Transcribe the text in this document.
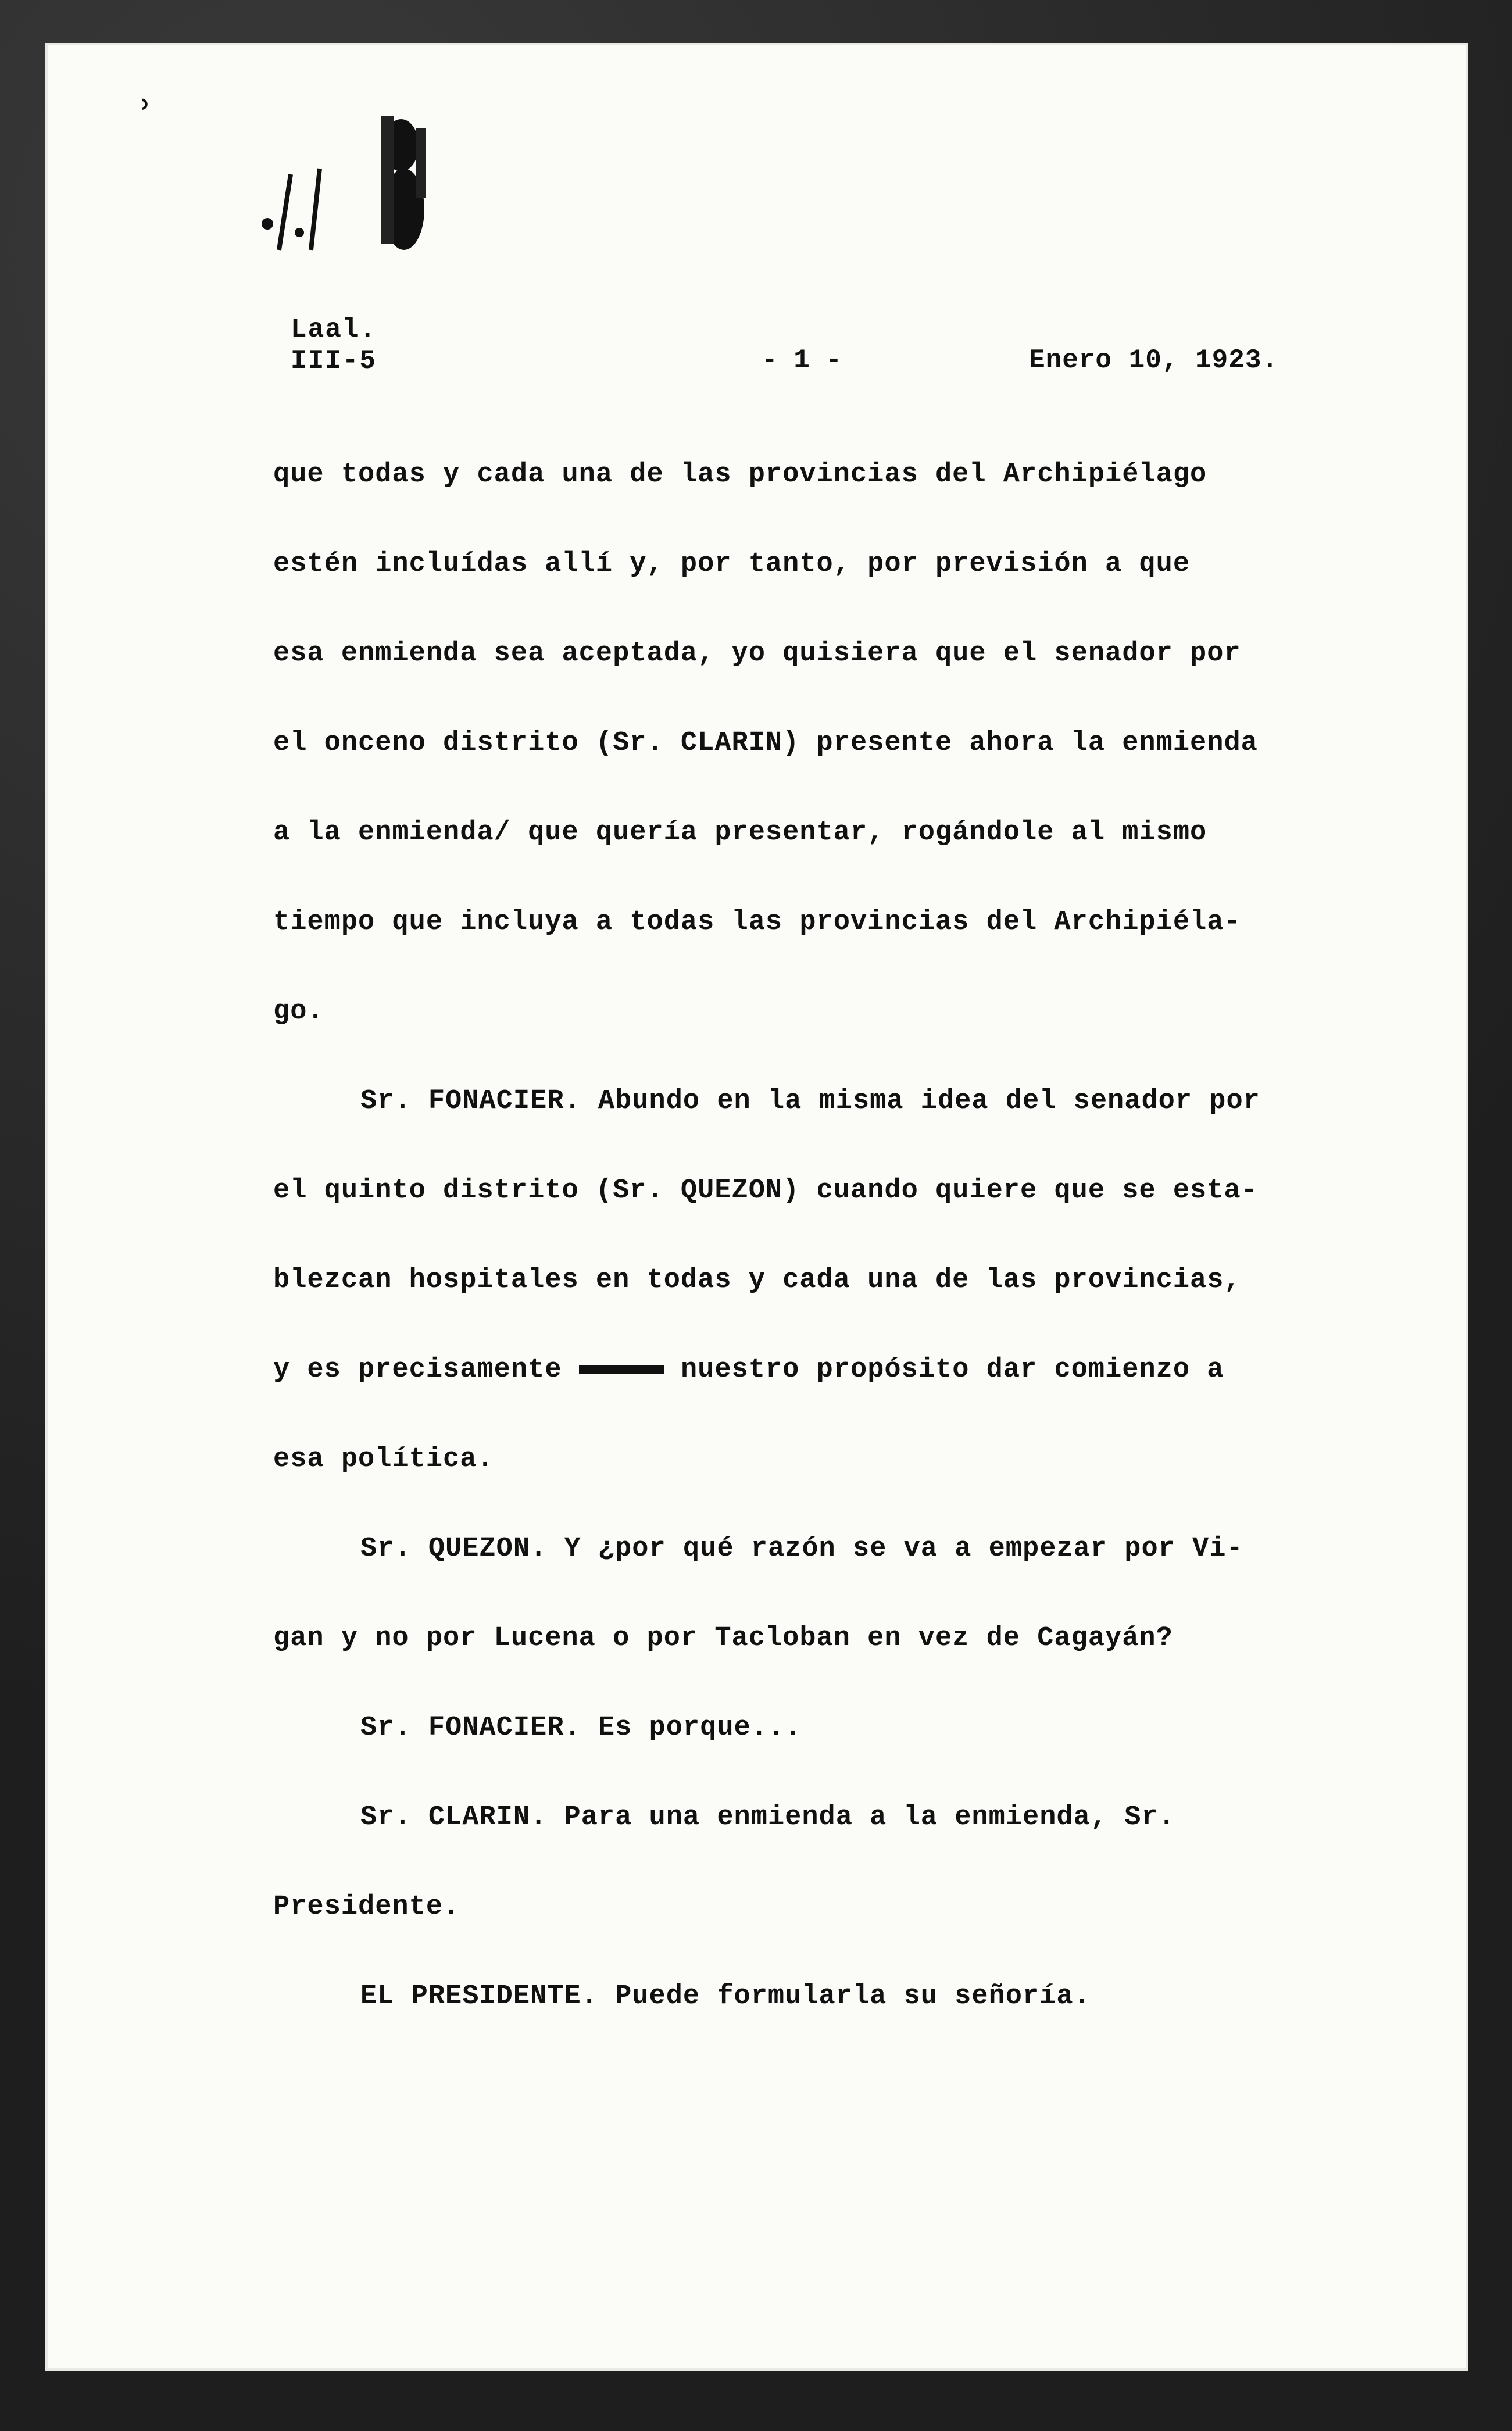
˒
Laal.
III-5	- 1 -	Enero 10, 1923.
que todas y cada una de las provincias del Archipiélago
estén incluídas allí y, por tanto, por previsión a que
esa enmienda sea aceptada, yo quisiera que el senador por
el onceno distrito (Sr. CLARIN) presente ahora la enmienda
a la enmienda/ que quería presentar, rogándole al mismo
tiempo que incluya a todas las provincias del Archipiéla-
go.
Sr. FONACIER. Abundo en la misma idea del senador por
el quinto distrito (Sr. QUEZON) cuando quiere que se esta-
blezcan hospitales en todas y cada una de las provincias,
y es precisamente	nuestro propósito dar comienzo a
esa política.
Sr. QUEZON. Y ¿por qué razón se va a empezar por Vi-
gan y no por Lucena o por Tacloban en vez de Cagayán?
Sr. FONACIER. Es porque...
Sr. CLARIN. Para una enmienda a la enmienda, Sr.
Presidente.
EL PRESIDENTE. Puede formularla su señoría.
